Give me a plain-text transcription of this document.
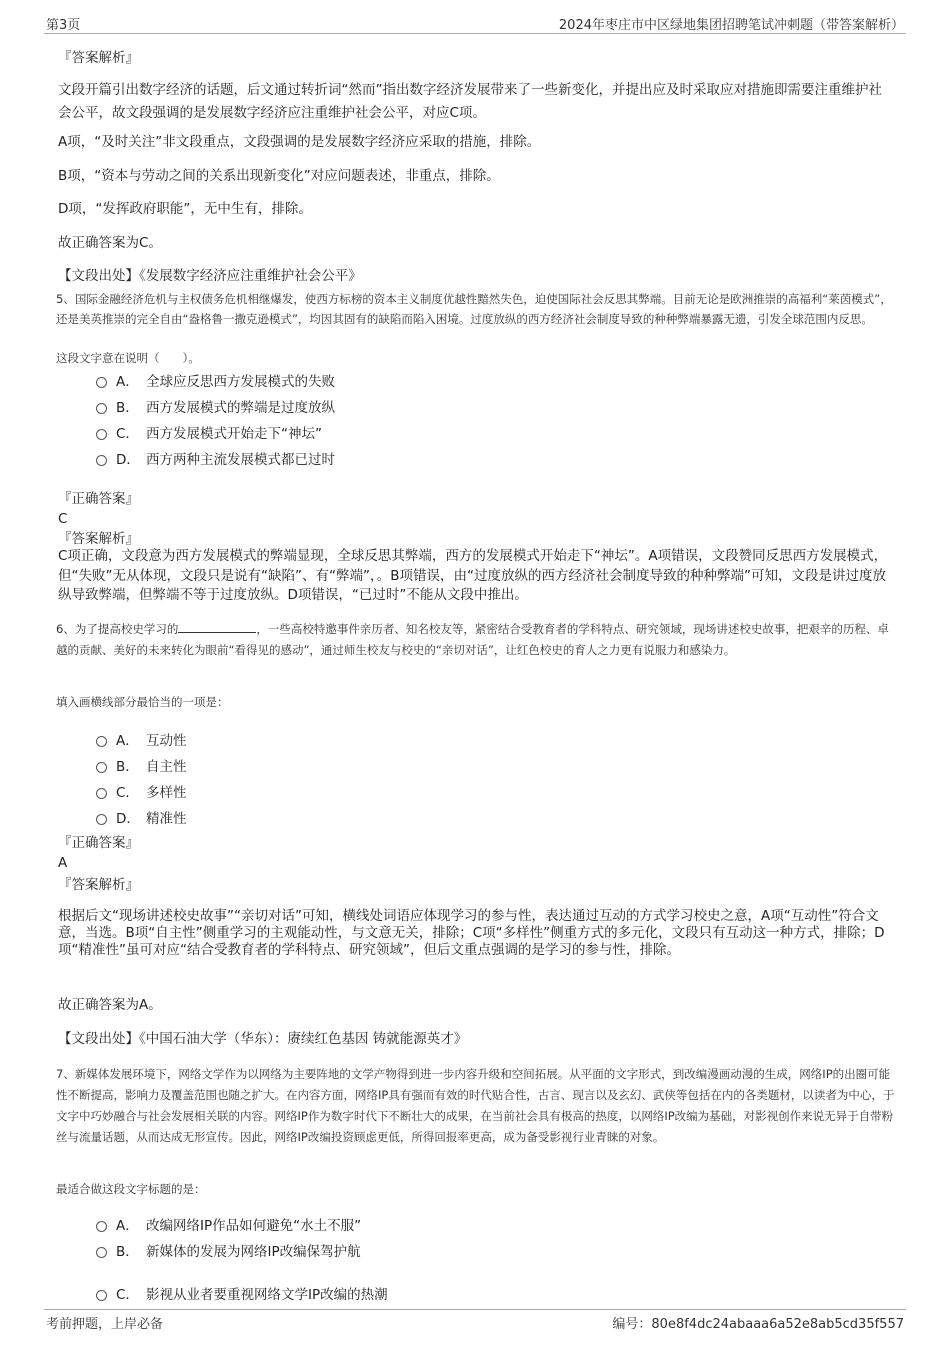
第3页	2024年枣庄市中区绿地集团招聘笔试冲刺题（带答案解析）
『答案解析』
文段开篇引出数字经济的话题，后文通过转折词“然而”指出数字经济发展带来了一些新变化，并提出应及时采取应对措施即需要注重维护社会公平，故文段强调的是发展数字经济应注重维护社会公平，对应C项。
A项，“及时关注”非文段重点，文段强调的是发展数字经济应采取的措施，排除。
B项，“资本与劳动之间的关系出现新变化”对应问题表述，非重点，排除。
D项，“发挥政府职能”，无中生有，排除。
故正确答案为C。
【文段出处】《发展数字经济应注重维护社会公平》
5、国际金融经济危机与主权债务危机相继爆发，使西方标榜的资本主义制度优越性黯然失色，迫使国际社会反思其弊端。目前无论是欧洲推崇的高福利“莱茵模式”，还是美英推崇的完全自由“盎格鲁一撒克逊模式”，均因其固有的缺陷而陷入困境。过度放纵的西方经济社会制度导致的种种弊端暴露无遗，引发全球范围内反思。
这段文字意在说明（　　）。
A． 全球应反思西方发展模式的失败
B． 西方发展模式的弊端是过度放纵
C． 西方发展模式开始走下“神坛”
D． 西方两种主流发展模式都已过时
『正确答案』
C
『答案解析』
C项正确，文段意为西方发展模式的弊端显现，全球反思其弊端，西方的发展模式开始走下“神坛”。A项错误，文段赞同反思西方发展模式，但“失败”无从体现，文段只是说有“缺陷”、有“弊端”，。B项错误，由“过度放纵的西方经济社会制度导致的种种弊端”可知，文段是讲过度放纵导致弊端，但弊端不等于过度放纵。D项错误，“已过时”不能从文段中推出。
6、为了提高校史学习的	，一些高校特邀事件亲历者、知名校友等，紧密结合受教育者的学科特点、研究领域，现场讲述校史故事，把艰辛的历程、卓越的贡献、美好的未来转化为眼前“看得见的感动”，通过师生校友与校史的“亲切对话”，让红色校史的育人之力更有说服力和感染力。
填入画横线部分最恰当的一项是：
A． 互动性
B． 自主性
C． 多样性
D． 精准性
『正确答案』
A
『答案解析』
根据后文“现场讲述校史故事”“亲切对话”可知，横线处词语应体现学习的参与性，表达通过互动的方式学习校史之意，A项“互动性”符合文意，当选。B项“自主性”侧重学习的主观能动性，与文意无关，排除；C项“多样性”侧重方式的多元化，文段只有互动这一种方式，排除；D项“精准性”虽可对应“结合受教育者的学科特点、研究领域”，但后文重点强调的是学习的参与性，排除。
故正确答案为A。
【文段出处】《中国石油大学（华东）：赓续红色基因 铸就能源英才》
7、新媒体发展环境下，网络文学作为以网络为主要阵地的文学产物得到进一步内容升级和空间拓展。从平面的文字形式，到改编漫画动漫的生成，网络IP的出圈可能性不断提高，影响力及覆盖范围也随之扩大。在内容方面，网络IP具有强而有效的时代贴合性，古言、现言以及玄幻、武侠等包括在内的各类题材，以读者为中心，于文字中巧妙融合与社会发展相关联的内容。网络IP作为数字时代下不断壮大的成果，在当前社会具有极高的热度，以网络IP改编为基础，对影视创作来说无异于自带粉丝与流量话题，从而达成无形宣传。因此，网络IP改编投资顾虑更低，所得回报率更高，成为备受影视行业青睐的对象。
最适合做这段文字标题的是：
A． 改编网络IP作品如何避免“水土不服”
B． 新媒体的发展为网络IP改编保驾护航
C． 影视从业者要重视网络文学IP改编的热潮
考前押题，上岸必备	编号：80e8f4dc24abaaa6a52e8ab5cd35f557
